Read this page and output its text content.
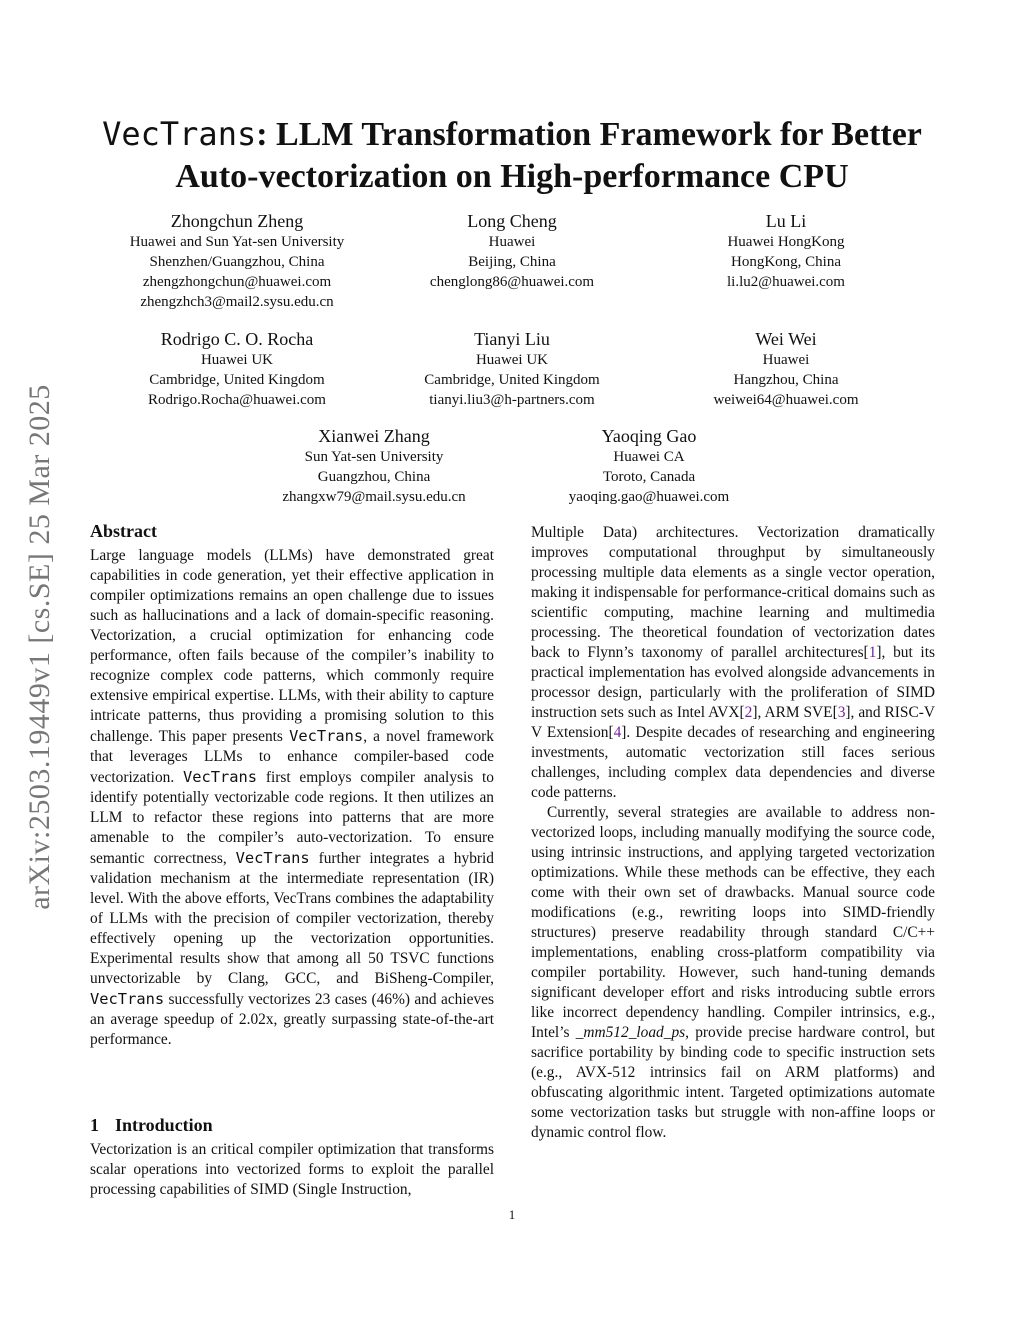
arXiv:2503.19449v1 [cs.SE] 25 Mar 2025
VecTrans: LLM Transformation Framework for Better
Auto-vectorization on High-performance CPU
Zhongchun Zheng
Huawei and Sun Yat-sen University
Shenzhen/Guangzhou, China
zhengzhongchun@huawei.com
zhengzhch3@mail2.sysu.edu.cn
Long Cheng
Huawei
Beijing, China
chenglong86@huawei.com
Lu Li
Huawei HongKong
HongKong, China
li.lu2@huawei.com
Rodrigo C. O. Rocha
Huawei UK
Cambridge, United Kingdom
Rodrigo.Rocha@huawei.com
Tianyi Liu
Huawei UK
Cambridge, United Kingdom
tianyi.liu3@h-partners.com
Wei Wei
Huawei
Hangzhou, China
weiwei64@huawei.com
Xianwei Zhang
Sun Yat-sen University
Guangzhou, China
zhangxw79@mail.sysu.edu.cn
Yaoqing Gao
Huawei CA
Toroto, Canada
yaoqing.gao@huawei.com
Abstract

Large language models (LLMs) have demonstrated great capabilities in code generation, yet their effective application in compiler optimizations remains an open challenge due to issues such as hallucinations and a lack of domain-specific reasoning. Vectorization, a crucial optimization for enhancing code performance, often fails because of the compiler’s inability to recognize complex code patterns, which commonly require extensive empirical expertise. LLMs, with their ability to capture intricate patterns, thus providing a promising solution to this challenge. This paper presents VecTrans, a novel framework that leverages LLMs to enhance compiler-based code vectorization. VecTrans first employs compiler analysis to identify potentially vectorizable code regions. It then utilizes an LLM to refactor these regions into patterns that are more amenable to the compiler’s auto-vectorization. To ensure semantic correctness, VecTrans further integrates a hybrid validation mechanism at the intermediate representation (IR) level. With the above efforts, VecTrans combines the adaptability of LLMs with the precision of compiler vectorization, thereby effectively opening up the vectorization opportunities. Experimental results show that among all 50 TSVC functions unvectorizable by Clang, GCC, and BiSheng-Compiler, VecTrans successfully vectorizes 23 cases (46%) and achieves an average speedup of 2.02x, greatly surpassing state-of-the-art performance.

1 Introduction

Vectorization is an critical compiler optimization that transforms scalar operations into vectorized forms to exploit the parallel processing capabilities of SIMD (Single Instruction,

Multiple Data) architectures. Vectorization dramatically improves computational throughput by simultaneously processing multiple data elements as a single vector operation, making it indispensable for performance-critical domains such as scientific computing, machine learning and multimedia processing. The theoretical foundation of vectorization dates back to Flynn’s taxonomy of parallel architectures[1], but its practical implementation has evolved alongside advancements in processor design, particularly with the proliferation of SIMD instruction sets such as Intel AVX[2], ARM SVE[3], and RISC-V V Extension[4]. Despite decades of researching and engineering investments, automatic vectorization still faces serious challenges, including complex data dependencies and diverse code patterns.

Currently, several strategies are available to address non-vectorized loops, including manually modifying the source code, using intrinsic instructions, and applying targeted vectorization optimizations. While these methods can be effective, they each come with their own set of drawbacks. Manual source code modifications (e.g., rewriting loops into SIMD-friendly structures) preserve readability through standard C/C++ implementations, enabling cross-platform compatibility via compiler portability. However, such hand-tuning demands significant developer effort and risks introducing subtle errors like incorrect dependency handling. Compiler intrinsics, e.g., Intel’s _mm512_load_ps, provide precise hardware control, but sacrifice portability by binding code to specific instruction sets (e.g., AVX-512 intrinsics fail on ARM platforms) and obfuscating algorithmic intent. Targeted optimizations automate some vectorization tasks but struggle with non-affine loops or dynamic control flow.

1
